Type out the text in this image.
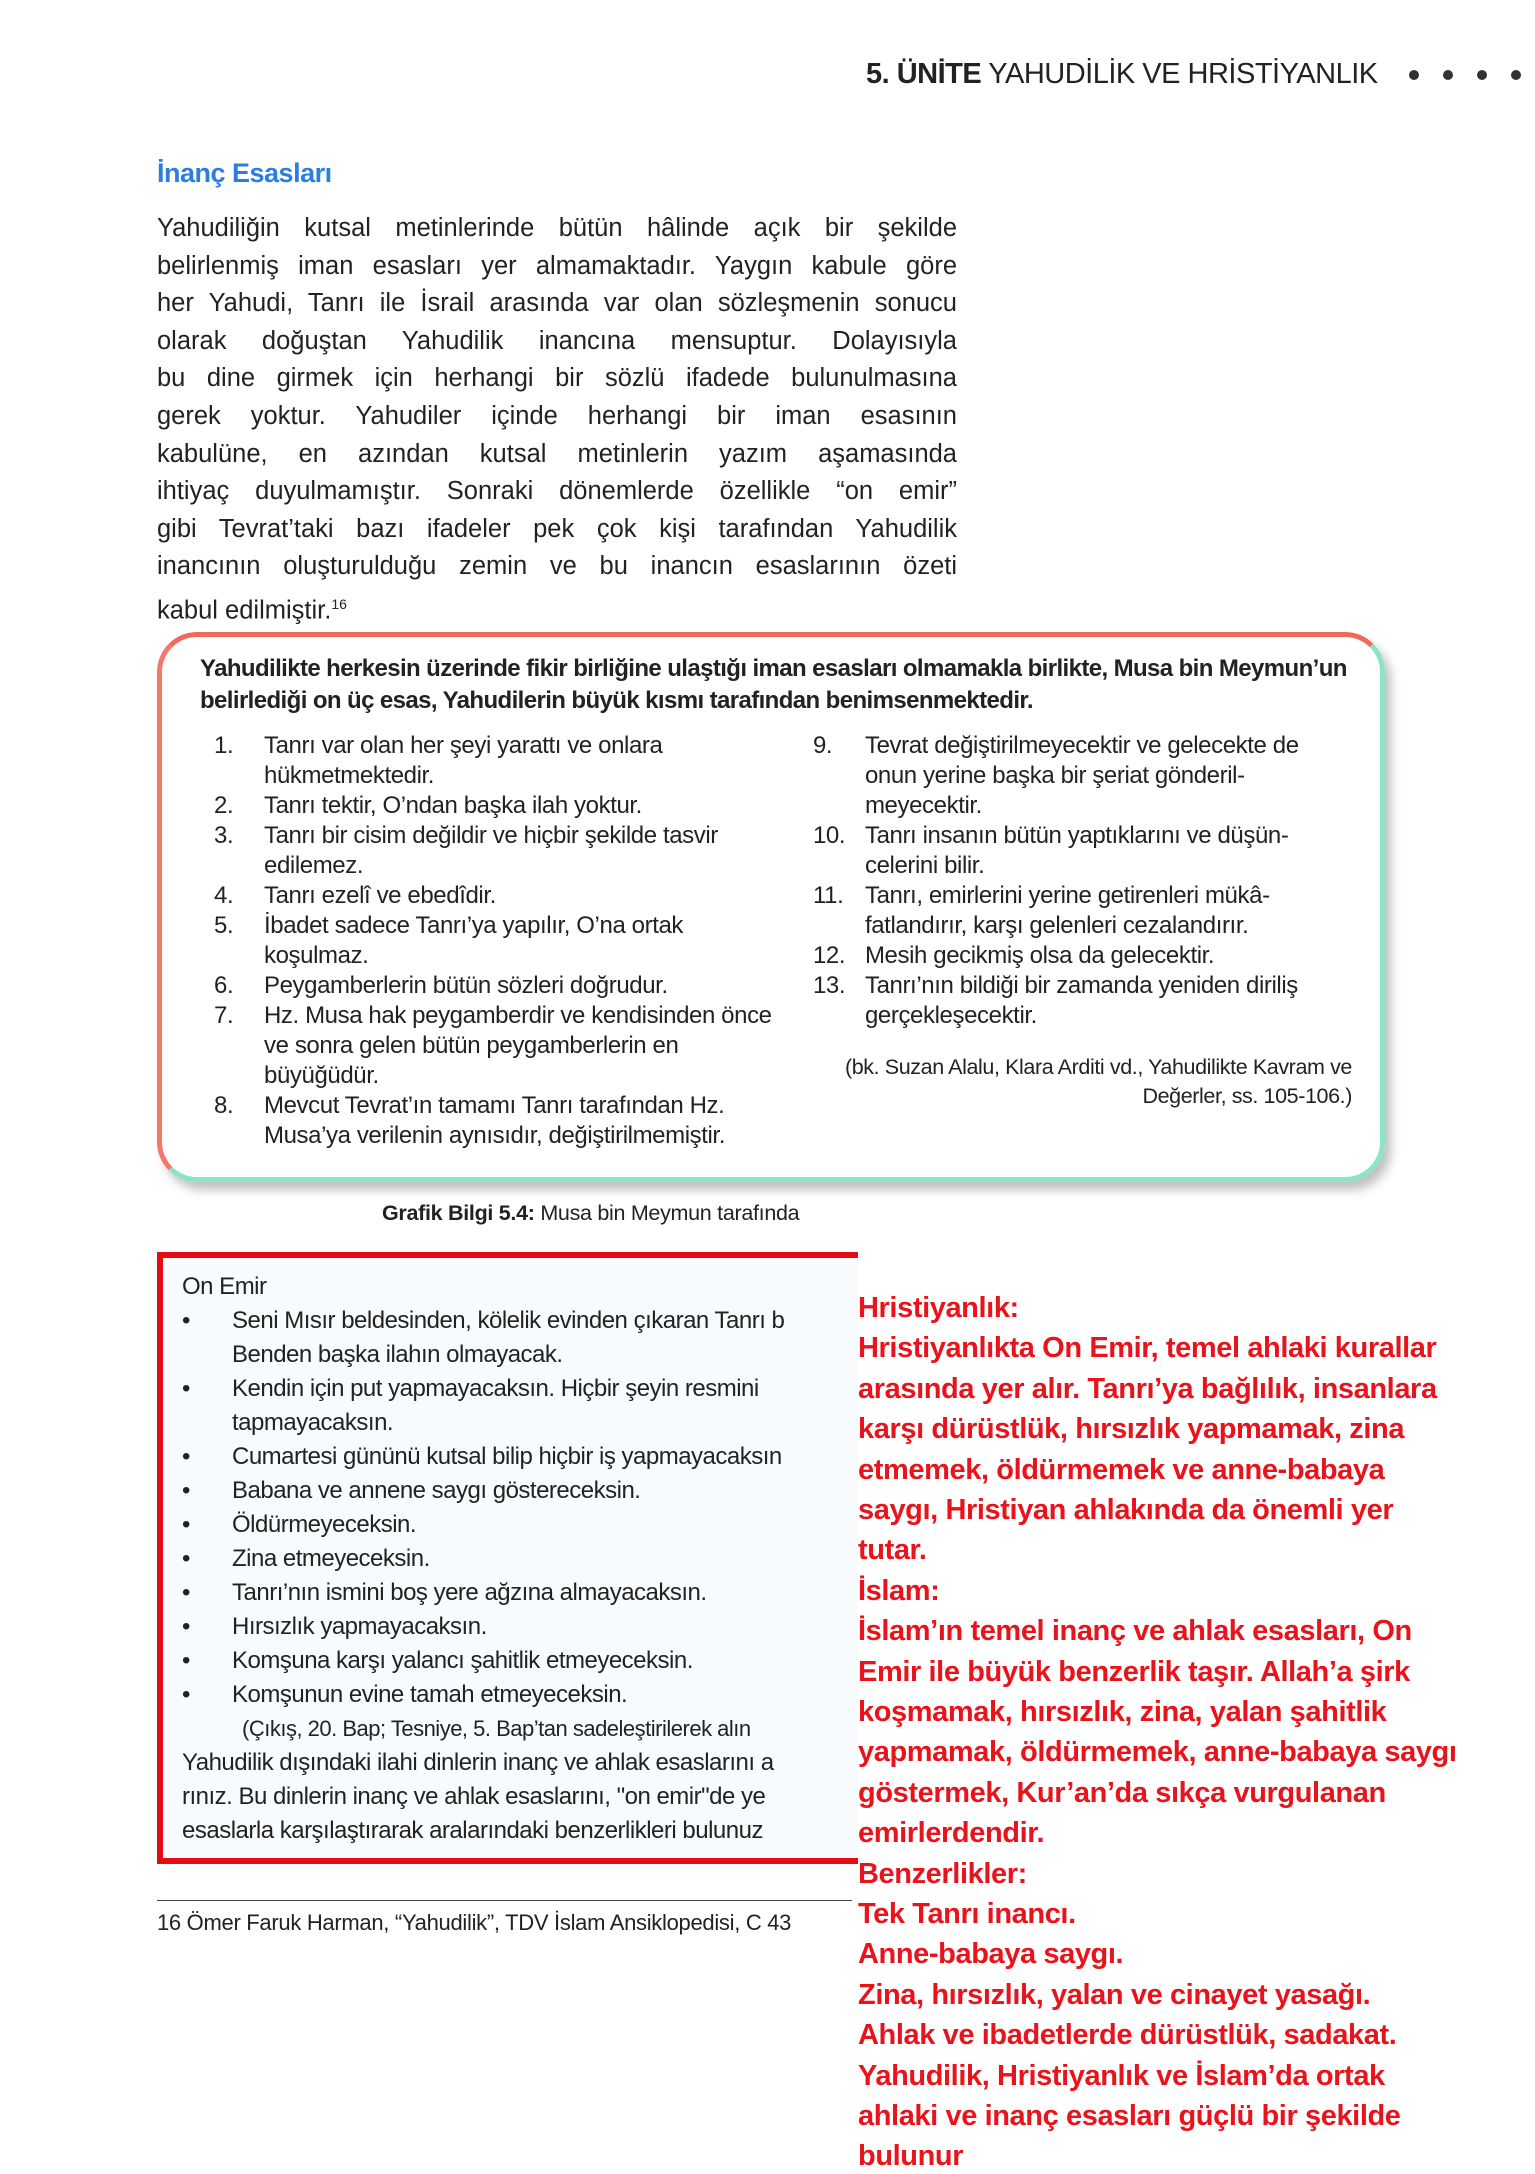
5. ÜNİTE YAHUDİLİK VE HRİSTİYANLIK
İnanç Esasları
Yahudiliğin kutsal metinlerinde bütün hâlinde açık bir şekilde
belirlenmiş iman esasları yer almamaktadır. Yaygın kabule göre
her Yahudi, Tanrı ile İsrail arasında var olan sözleşmenin sonucu
olarak doğuştan Yahudilik inancına mensuptur. Dolayısıyla
bu dine girmek için herhangi bir sözlü ifadede bulunulmasına
gerek yoktur. Yahudiler içinde herhangi bir iman esasının
kabulüne, en azından kutsal metinlerin yazım aşamasında
ihtiyaç duyulmamıştır. Sonraki dönemlerde özellikle “on emir”
gibi Tevrat’taki bazı ifadeler pek çok kişi tarafından Yahudilik
inancının oluşturulduğu zemin ve bu inancın esaslarının özeti
kabul edilmiştir.$^{16}$
Yahudilikte herkesin üzerinde fikir birliğine ulaştığı iman esasları olmamakla birlikte, Musa bin Meymun’un belirlediği on üç esas, Yahudilerin büyük kısmı tarafından benimsenmektedir.
1.	Tanrı var olan her şeyi yarattı ve onlara hükmetmektedir.
2.	Tanrı tektir, O’ndan başka ilah yoktur.
3.	Tanrı bir cisim değildir ve hiçbir şekilde tasvir edilemez.
4.	Tanrı ezelî ve ebedîdir.
5.	İbadet sadece Tanrı’ya yapılır, O’na ortak koşulmaz.
6.	Peygamberlerin bütün sözleri doğrudur.
7.	Hz. Musa hak peygamberdir ve kendisinden önce ve sonra gelen bütün peygamberlerin en büyüğüdür.
8.	Mevcut Tevrat’ın tamamı Tanrı tarafından Hz. Musa’ya verilenin aynısıdır, değiştirilmemiştir.
9.	Tevrat değiştirilmeyecektir ve gelecekte de onun yerine başka bir şeriat gönderilmeyecektir.
10. Tanrı insanın bütün yaptıklarını ve düşüncelerini bilir.
11. Tanrı, emirlerini yerine getirenleri mükâfatlandırır, karşı gelenleri cezalandırır.
12. Mesih gecikmiş olsa da gelecektir.
13. Tanrı’nın bildiği bir zamanda yeniden diriliş gerçekleşecektir.
(bk. Suzan Alalu, Klara Arditi vd., Yahudilikte Kavram ve Değerler, ss. 105-106.)
Grafik Bilgi 5.4: Musa bin Meymun tarafında
On Emir
•	Seni Mısır beldesinden, kölelik evinden çıkaran Tanrı b
Benden başka ilahın olmayacak.
•	Kendin için put yapmayacaksın. Hiçbir şeyin resmini
tapmayacaksın.
•	Cumartesi gününü kutsal bilip hiçbir iş yapmayacaksın
•	Babana ve annene saygı göstereceksin.
•	Öldürmeyeceksin.
•	Zina etmeyeceksin.
•	Tanrı’nın ismini boş yere ağzına almayacaksın.
•	Hırsızlık yapmayacaksın.
•	Komşuna karşı yalancı şahitlik etmeyeceksin.
•	Komşunun evine tamah etmeyeceksin.
(Çıkış, 20. Bap; Tesniye, 5. Bap’tan sadeleştirilerek alın
Yahudilik dışındaki ilahi dinlerin inanç ve ahlak esaslarını a
rınız. Bu dinlerin inanç ve ahlak esaslarını, "on emir"de ye
esaslarla karşılaştırarak aralarındaki benzerlikleri bulunuz
16 Ömer Faruk Harman, “Yahudilik”, TDV İslam Ansiklopedisi, C 43
Hristiyanlık:
Hristiyanlıkta On Emir, temel ahlaki kurallar
arasında yer alır. Tanrı’ya bağlılık, insanlara
karşı dürüstlük, hırsızlık yapmamak, zina
etmemek, öldürmemek ve anne-babaya
saygı, Hristiyan ahlakında da önemli yer
tutar.
İslam:
İslam’ın temel inanç ve ahlak esasları, On
Emir ile büyük benzerlik taşır. Allah’a şirk
koşmamak, hırsızlık, zina, yalan şahitlik
yapmamak, öldürmemek, anne-babaya saygı
göstermek, Kur’an’da sıkça vurgulanan
emirlerdendir.
Benzerlikler:
Tek Tanrı inancı.
Anne-babaya saygı.
Zina, hırsızlık, yalan ve cinayet yasağı.
Ahlak ve ibadetlerde dürüstlük, sadakat.
Yahudilik, Hristiyanlık ve İslam’da ortak
ahlaki ve inanç esasları güçlü bir şekilde
bulunur
